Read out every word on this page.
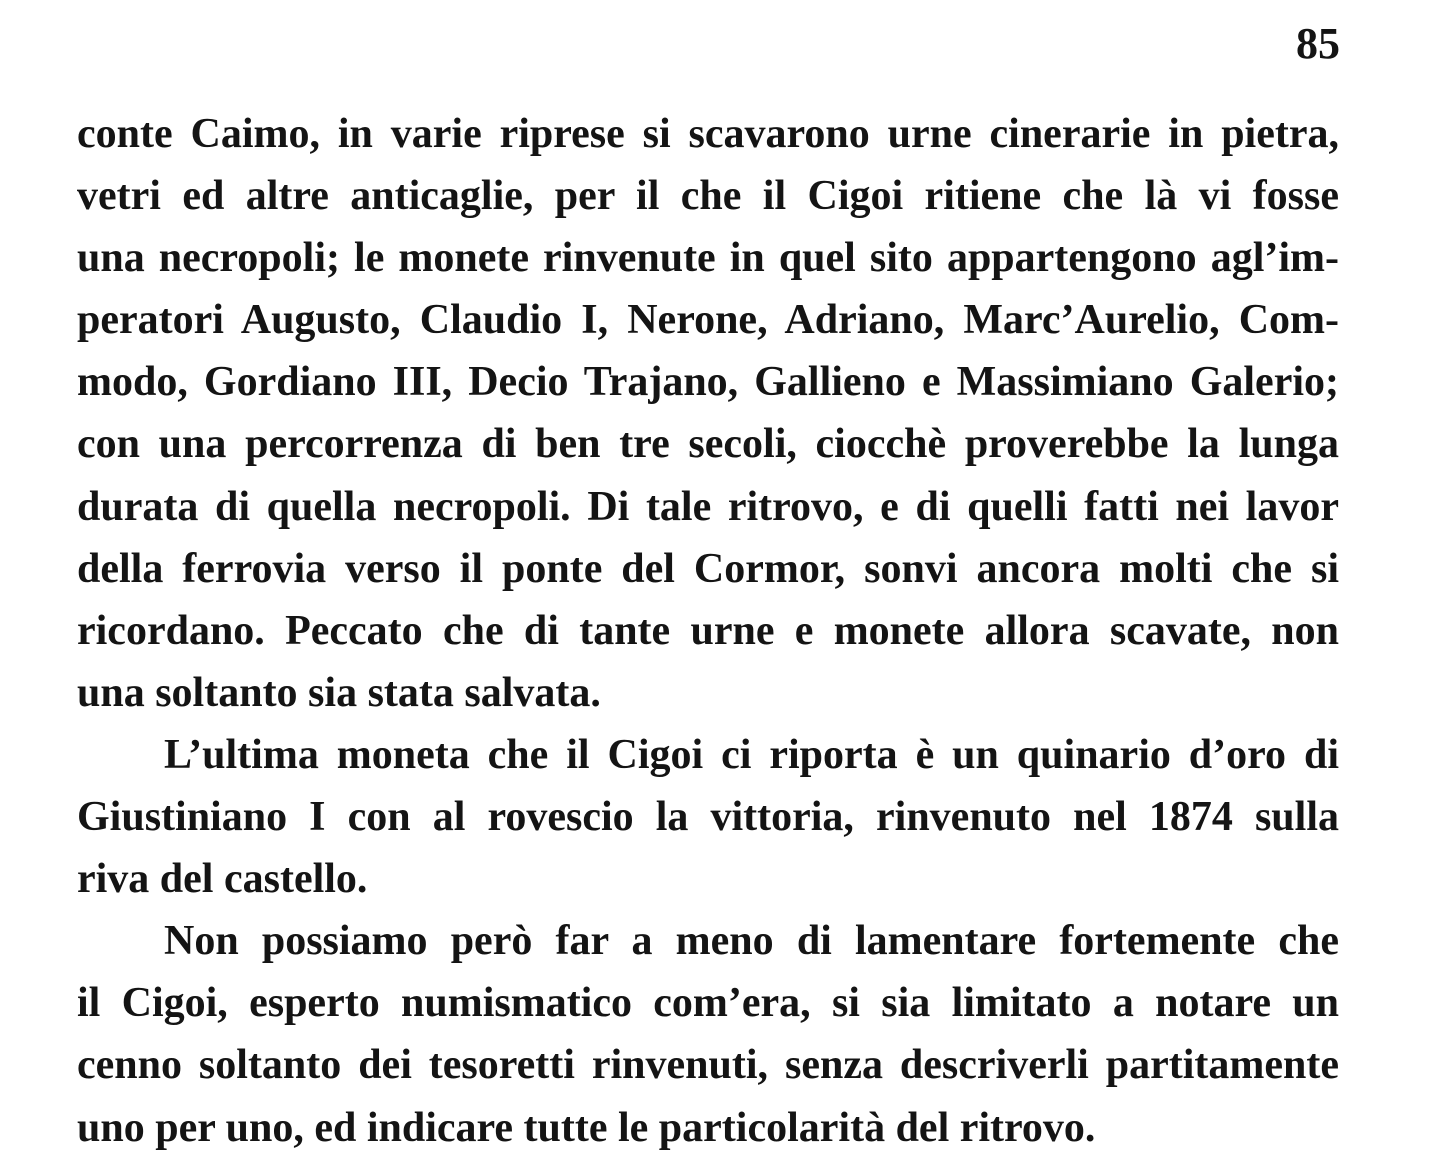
85
conte Caimo, in varie riprese si scavarono urne cinerarie in pietra,
vetri ed altre anticaglie, per il che il Cigoi ritiene che là vi fosse
una necropoli; le monete rinvenute in quel sito appartengono agl’im-
peratori Augusto, Claudio I, Nerone, Adriano, Marc’Aurelio, Com-
modo, Gordiano III, Decio Trajano, Gallieno e Massimiano Galerio;
con una percorrenza di ben tre secoli, ciocchè proverebbe la lunga
durata di quella necropoli. Di tale ritrovo, e di quelli fatti nei lavor
della ferrovia verso il ponte del Cormor, sonvi ancora molti che si
ricordano. Peccato che di tante urne e monete allora scavate, non
una soltanto sia stata salvata.
L’ultima moneta che il Cigoi ci riporta è un quinario d’oro di
Giustiniano I con al rovescio la vittoria, rinvenuto nel 1874 sulla
riva del castello.
Non possiamo però far a meno di lamentare fortemente che
il Cigoi, esperto numismatico com’era, si sia limitato a notare un
cenno soltanto dei tesoretti rinvenuti, senza descriverli partitamente
uno per uno, ed indicare tutte le particolarità del ritrovo.
